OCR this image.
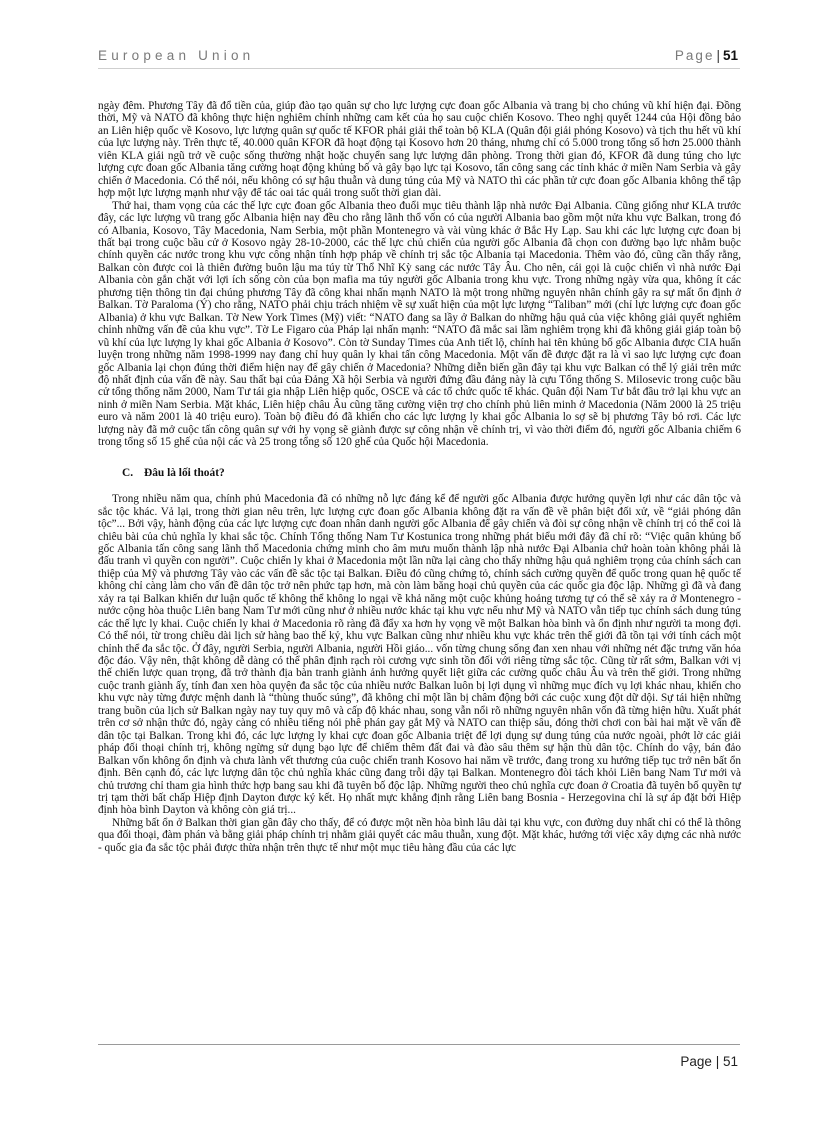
European Union	Page | 51

ngày đêm. Phương Tây đã đổ tiền của, giúp đào tạo quân sự cho lực lượng cực đoan gốc Albania và trang bị cho chúng vũ khí hiện đại. Đồng thời, Mỹ và NATO đã không thực hiện nghiêm chỉnh những cam kết của họ sau cuộc chiến Kosovo. Theo nghị quyết 1244 của Hội đồng bảo an Liên hiệp quốc về Kosovo, lực lượng quân sự quốc tế KFOR phải giải thể toàn bộ KLA (Quân đội giải phóng Kosovo) và tịch thu hết vũ khí của lực lượng này. Trên thực tế, 40.000 quân KFOR đã hoạt động tại Kosovo hơn 20 tháng, nhưng chỉ có 5.000 trong tổng số hơn 25.000 thành viên KLA giải ngũ trở về cuộc sống thường nhật hoặc chuyển sang lực lượng dân phòng. Trong thời gian đó, KFOR đã dung túng cho lực lượng cực đoan gốc Albania tăng cường hoạt động khủng bố và gây bạo lực tại Kosovo, tấn công sang các tỉnh khác ở miền Nam Serbia và gây chiến ở Macedonia. Có thể nói, nếu không có sự hậu thuẫn và dung túng của Mỹ và NATO thì các phần tử cực đoan gốc Albania không thể tập hợp một lực lượng mạnh như vậy để tác oai tác quái trong suốt thời gian dài.

Thứ hai, tham vọng của các thế lực cực đoan gốc Albania theo đuổi mục tiêu thành lập nhà nước Đại Albania. Cũng giống như KLA trước đây, các lực lượng vũ trang gốc Albania hiện nay đều cho rằng lãnh thổ vốn có của người Albania bao gồm một nửa khu vực Balkan, trong đó có Albania, Kosovo, Tây Macedonia, Nam Serbia, một phần Montenegro và vài vùng khác ở Bắc Hy Lạp. Sau khi các lực lượng cực đoan bị thất bại trong cuộc bầu cử ở Kosovo ngày 28-10-2000, các thế lực chủ chiến của người gốc Albania đã chọn con đường bạo lực nhằm buộc chính quyền các nước trong khu vực công nhận tính hợp pháp về chính trị sắc tộc Albania tại Macedonia. Thêm vào đó, cũng cần thấy rằng, Balkan còn được coi là thiên đường buôn lậu ma túy từ Thổ Nhĩ Kỳ sang các nước Tây Âu. Cho nên, cái gọi là cuộc chiến vì nhà nước Đại Albania còn gắn chặt với lợi ích sống còn của bọn mafia ma túy người gốc Albania trong khu vực. Trong những ngày vừa qua, không ít các phương tiện thông tin đại chúng phương Tây đã công khai nhấn mạnh NATO là một trong những nguyên nhân chính gây ra sự mất ổn định ở Balkan. Tờ Paraloma (Ý) cho rằng, NATO phải chịu trách nhiệm về sự xuất hiện của một lực lượng “Taliban” mới (chỉ lực lượng cực đoan gốc Albania) ở khu vực Balkan. Tờ New York Times (Mỹ) viết: “NATO đang sa lầy ở Balkan do những hậu quả của việc không giải quyết nghiêm chỉnh những vấn đề của khu vực”. Tờ Le Figaro của Pháp lại nhấn mạnh: “NATO đã mắc sai lầm nghiêm trọng khi đã không giải giáp toàn bộ vũ khí của lực lượng ly khai gốc Albania ở Kosovo”. Còn tờ Sunday Times của Anh tiết lộ, chính hai tên khủng bố gốc Albania được CIA huấn luyện trong những năm 1998-1999 nay đang chỉ huy quân ly khai tấn công Macedonia. Một vấn đề được đặt ra là vì sao lực lượng cực đoan gốc Albania lại chọn đúng thời điểm hiện nay để gây chiến ở Macedonia? Những diễn biến gần đây tại khu vực Balkan có thể lý giải trên mức độ nhất định của vấn đề này. Sau thất bại của Đảng Xã hội Serbia và người đứng đầu đảng này là cựu Tổng thống S. Milosevic trong cuộc bầu cử tổng thống năm 2000, Nam Tư tái gia nhập Liên hiệp quốc, OSCE và các tổ chức quốc tế khác. Quân đội Nam Tư bắt đầu trở lại khu vực an ninh ở miền Nam Serbia. Mặt khác, Liên hiệp châu Âu cũng tăng cường viện trợ cho chính phủ liên minh ở Macedonia (Năm 2000 là 25 triệu euro và năm 2001 là 40 triệu euro). Toàn bộ điều đó đã khiến cho các lực lượng ly khai gốc Albania lo sợ sẽ bị phương Tây bỏ rơi. Các lực lượng này đã mở cuộc tấn công quân sự với hy vọng sẽ giành được sự công nhận về chính trị, vì vào thời điểm đó, người gốc Albania chiếm 6 trong tổng số 15 ghế của nội các và 25 trong tổng số 120 ghế của Quốc hội Macedonia.

C. Đâu là lối thoát?

Trong nhiều năm qua, chính phủ Macedonia đã có những nỗ lực đáng kể để người gốc Albania được hưởng quyền lợi như các dân tộc và sắc tộc khác. Vả lại, trong thời gian nêu trên, lực lượng cực đoan gốc Albania không đặt ra vấn đề về phân biệt đối xử, về “giải phóng dân tộc”... Bởi vậy, hành động của các lực lượng cực đoan nhân danh người gốc Albania để gây chiến và đòi sự công nhận về chính trị có thể coi là chiêu bài của chủ nghĩa ly khai sắc tộc. Chính Tổng thống Nam Tư Kostunica trong những phát biểu mới đây đã chỉ rõ: “Việc quân khủng bố gốc Albania tấn công sang lãnh thổ Macedonia chứng minh cho âm mưu muốn thành lập nhà nước Đại Albania chứ hoàn toàn không phải là đấu tranh vì quyền con người”. Cuộc chiến ly khai ở Macedonia một lần nữa lại càng cho thấy những hậu quả nghiêm trọng của chính sách can thiệp của Mỹ và phương Tây vào các vấn đề sắc tộc tại Balkan. Điều đó cũng chứng tỏ, chính sách cường quyền để quốc trong quan hệ quốc tế không chỉ càng làm cho vấn đề dân tộc trở nên phức tạp hơn, mà còn làm băng hoại chủ quyền của các quốc gia độc lập. Những gì đã và đang xảy ra tại Balkan khiến dư luận quốc tế không thể không lo ngại về khả năng một cuộc khủng hoảng tương tự có thể sẽ xảy ra ở Montenegro - nước cộng hòa thuộc Liên bang Nam Tư mới cũng như ở nhiều nước khác tại khu vực nếu như Mỹ và NATO vẫn tiếp tục chính sách dung túng các thế lực ly khai. Cuộc chiến ly khai ở Macedonia rõ ràng đã đẩy xa hơn hy vọng về một Balkan hòa bình và ổn định như người ta mong đợi. Có thể nói, từ trong chiều dài lịch sử hàng bao thế kỷ, khu vực Balkan cũng như nhiều khu vực khác trên thế giới đã tồn tại với tính cách một chỉnh thể đa sắc tộc. Ở đây, người Serbia, người Albania, người Hồi giáo... vốn từng chung sống đan xen nhau với những nét đặc trưng văn hóa độc đáo. Vậy nên, thật không dễ dàng có thể phân định rạch ròi cương vực sinh tồn đối với riêng từng sắc tộc. Cũng từ rất sớm, Balkan với vị thế chiến lược quan trọng, đã trở thành địa bàn tranh giành ảnh hưởng quyết liệt giữa các cường quốc châu Âu và trên thế giới. Trong những cuộc tranh giành ấy, tính đan xen hòa quyện đa sắc tộc của nhiều nước Balkan luôn bị lợi dụng vì những mục đích vụ lợi khác nhau, khiến cho khu vực này từng được mệnh danh là “thùng thuốc súng”, đã không chỉ một lần bị châm động bởi các cuộc xung đột dữ dội. Sự tái hiện những trang buồn của lịch sử Balkan ngày nay tuy quy mô và cấp độ khác nhau, song vẫn nổi rõ những nguyên nhân vốn đã từng hiện hữu. Xuất phát trên cơ sở nhận thức đó, ngày càng có nhiều tiếng nói phê phán gay gắt Mỹ và NATO can thiệp sâu, đóng thời chơi con bài hai mặt về vấn đề dân tộc tại Balkan. Trong khi đó, các lực lượng ly khai cực đoan gốc Albania triệt để lợi dụng sự dung túng của nước ngoài, phớt lờ các giải pháp đối thoại chính trị, không ngừng sử dụng bạo lực để chiếm thêm đất đai và đào sâu thêm sự hận thù dân tộc. Chính do vậy, bán đảo Balkan vốn không ổn định và chưa lành vết thương của cuộc chiến tranh Kosovo hai năm về trước, đang trong xu hướng tiếp tục trở nên bất ổn định. Bên cạnh đó, các lực lượng dân tộc chủ nghĩa khác cũng đang trỗi dậy tại Balkan. Montenegro đòi tách khỏi Liên bang Nam Tư mới và chủ trương chỉ tham gia hình thức hợp bang sau khi đã tuyên bố độc lập. Những người theo chủ nghĩa cực đoan ở Croatia đã tuyên bố quyền tự trị tạm thời bất chấp Hiệp định Dayton được ký kết. Họ nhất mực khẳng định rằng Liên bang Bosnia - Herzegovina chỉ là sự áp đặt bởi Hiệp định hòa bình Dayton và không còn giá trị...

Những bất ổn ở Balkan thời gian gần đây cho thấy, để có được một nền hòa bình lâu dài tại khu vực, con đường duy nhất chỉ có thể là thông qua đối thoại, đàm phán và bằng giải pháp chính trị nhằm giải quyết các mâu thuẫn, xung đột. Mặt khác, hướng tới việc xây dựng các nhà nước - quốc gia đa sắc tộc phải được thừa nhận trên thực tế như một mục tiêu hàng đầu của các lực

Page | 51
